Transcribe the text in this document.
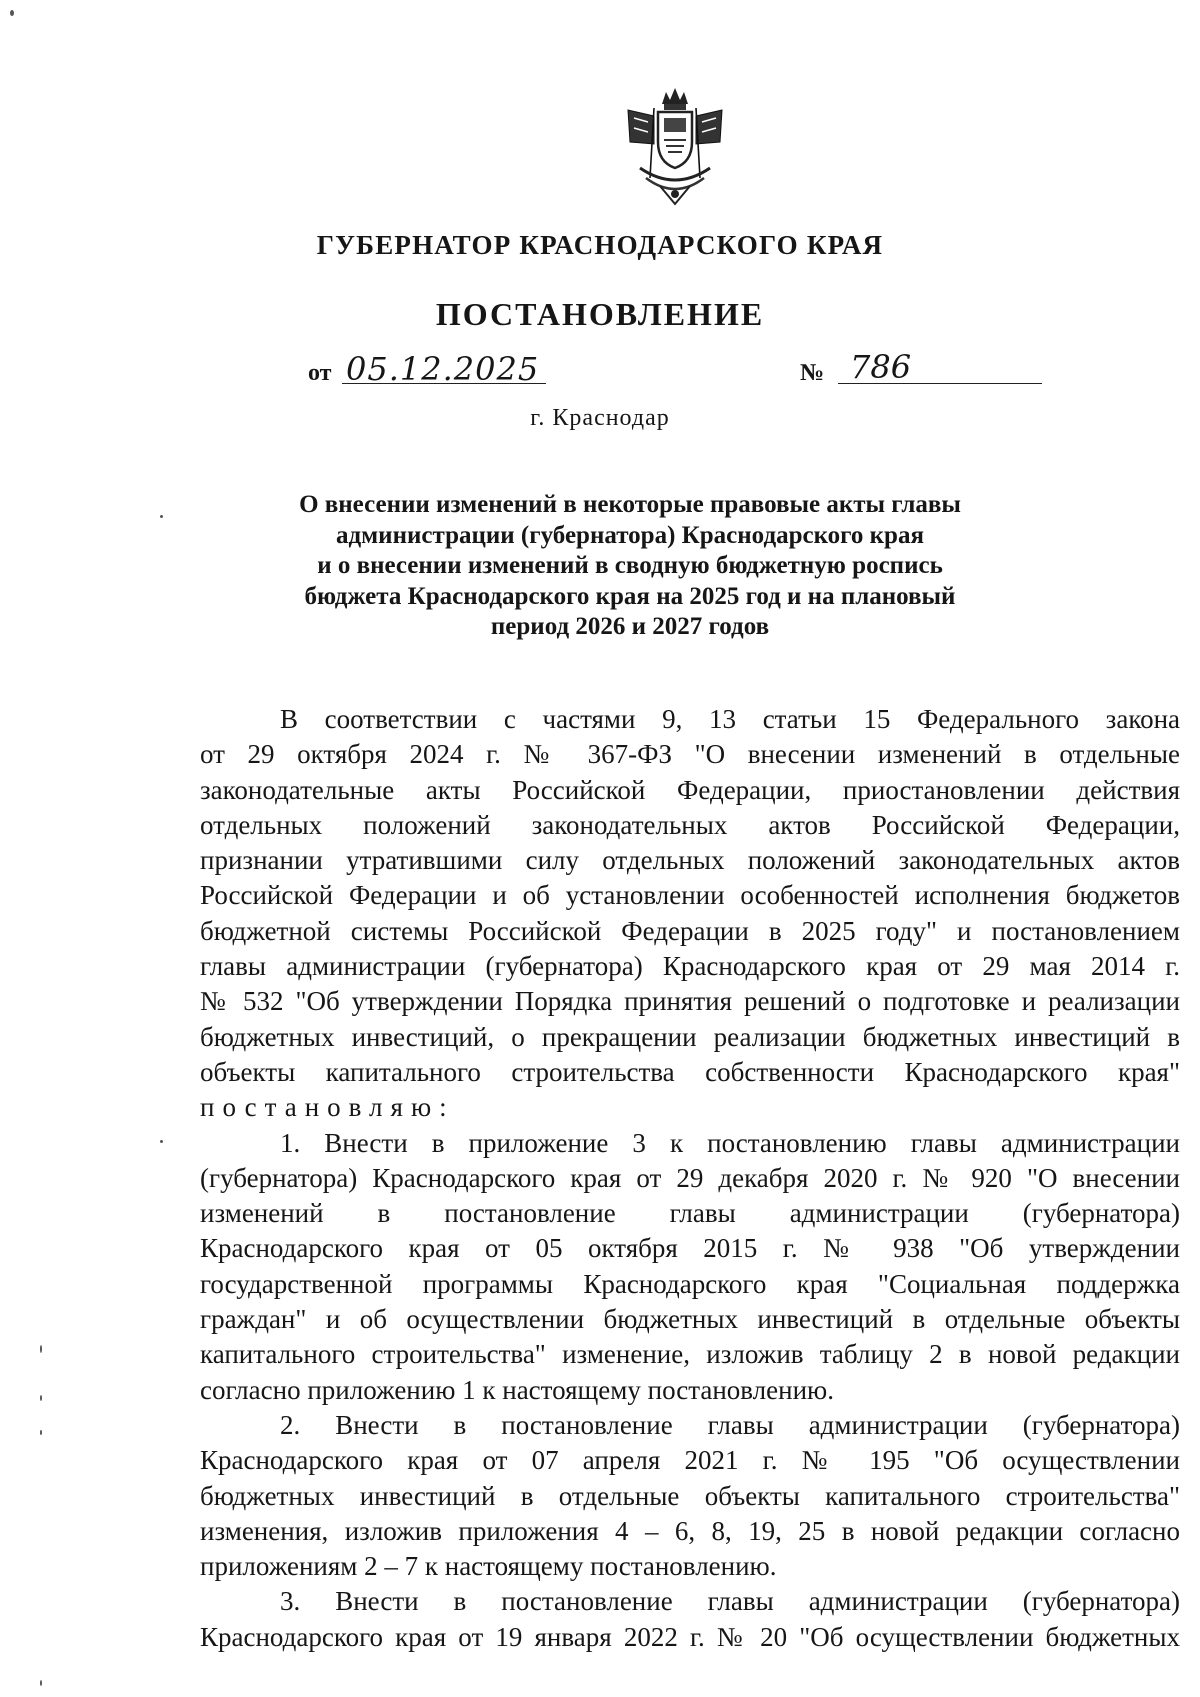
ГУБЕРНАТОР КРАСНОДАРСКОГО КРАЯ
ПОСТАНОВЛЕНИЕ
от 05.12.2025	№ 786
г. Краснодар
О внесении изменений в некоторые правовые акты главы
администрации (губернатора) Краснодарского края
и о внесении изменений в сводную бюджетную роспись
бюджета Краснодарского края на 2025 год и на плановый
период 2026 и 2027 годов
В соответствии с частями 9, 13 статьи 15 Федерального закона
от 29 октября 2024 г. № 367-ФЗ "О внесении изменений в отдельные
законодательные акты Российской Федерации, приостановлении действия
отдельных положений законодательных актов Российской Федерации,
признании утратившими силу отдельных положений законодательных актов
Российской Федерации и об установлении особенностей исполнения бюджетов
бюджетной системы Российской Федерации в 2025 году" и постановлением
главы администрации (губернатора) Краснодарского края от 29 мая 2014 г.
№ 532 "Об утверждении Порядка принятия решений о подготовке и реализации
бюджетных инвестиций, о прекращении реализации бюджетных инвестиций в
объекты капитального строительства собственности Краснодарского края"
постановляю:
1. Внести в приложение 3 к постановлению главы администрации
(губернатора) Краснодарского края от 29 декабря 2020 г. № 920 "О внесении
изменений в постановление главы администрации (губернатора)
Краснодарского края от 05 октября 2015 г. № 938 "Об утверждении
государственной программы Краснодарского края "Социальная поддержка
граждан" и об осуществлении бюджетных инвестиций в отдельные объекты
капитального строительства" изменение, изложив таблицу 2 в новой редакции
согласно приложению 1 к настоящему постановлению.
2. Внести в постановление главы администрации (губернатора)
Краснодарского края от 07 апреля 2021 г. № 195 "Об осуществлении
бюджетных инвестиций в отдельные объекты капитального строительства"
изменения, изложив приложения 4 – 6, 8, 19, 25 в новой редакции согласно
приложениям 2 – 7 к настоящему постановлению.
3. Внести в постановление главы администрации (губернатора)
Краснодарского края от 19 января 2022 г. № 20 "Об осуществлении бюджетных
